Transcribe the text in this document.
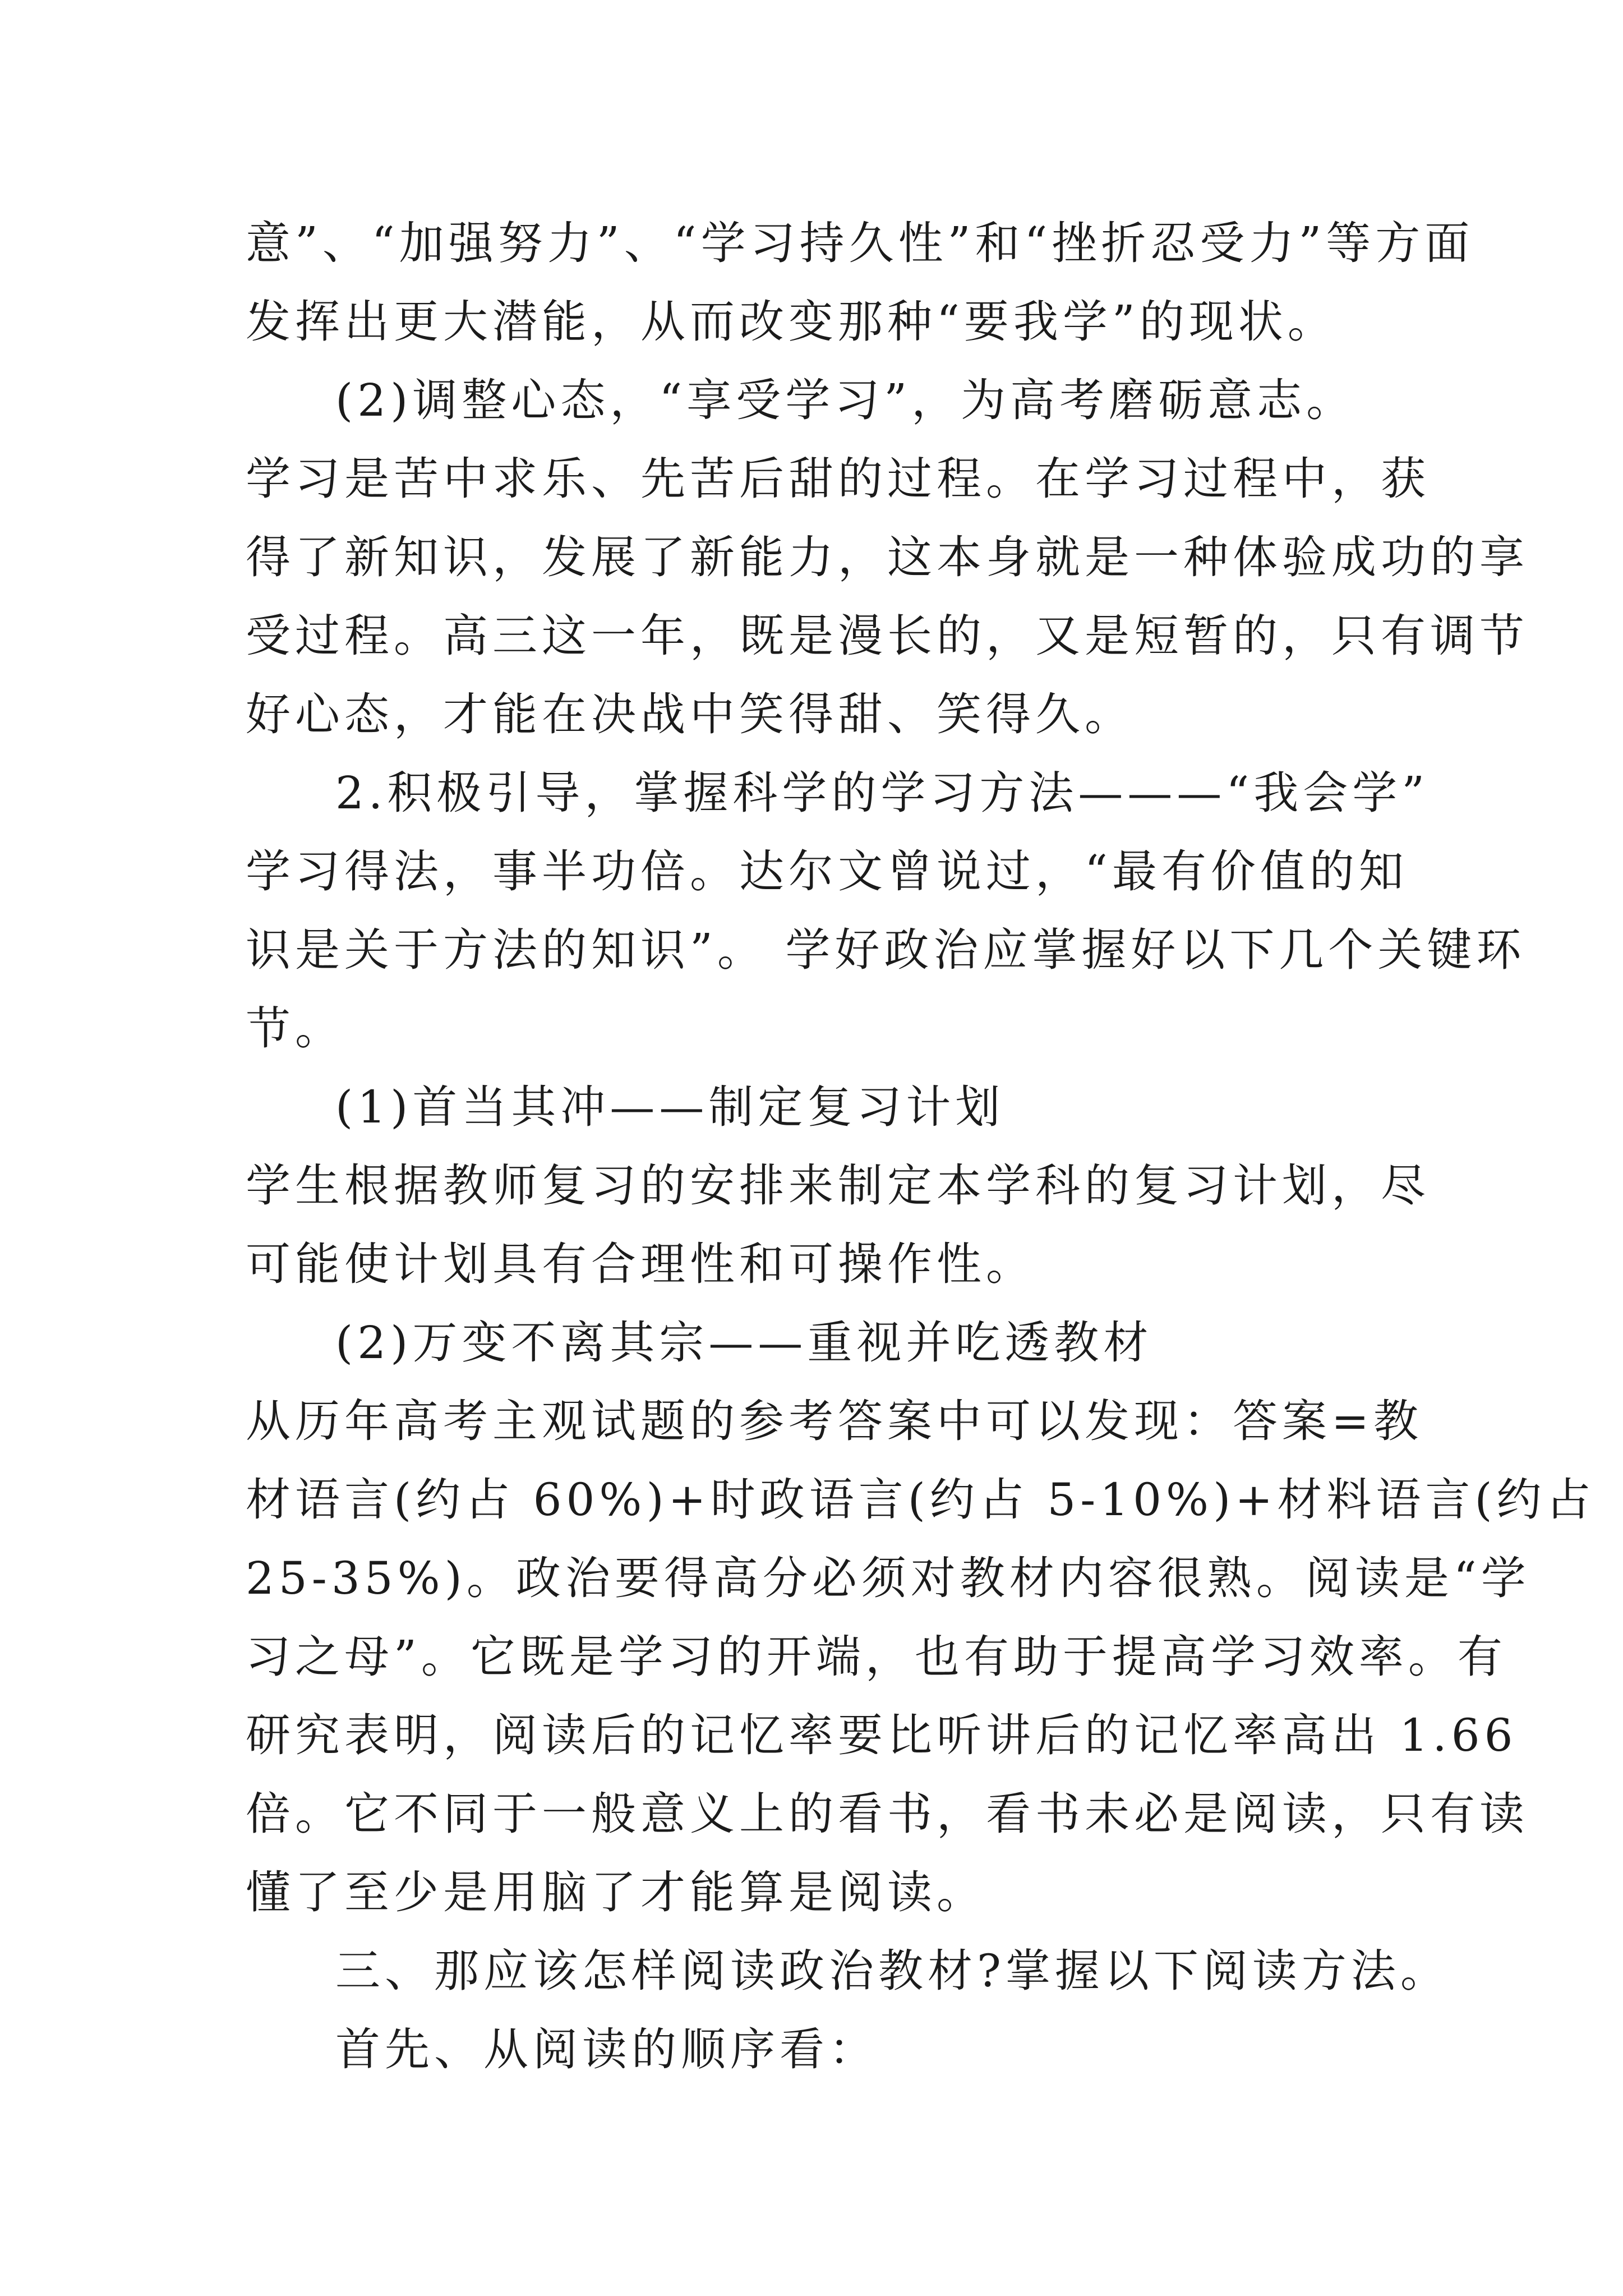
意”、“加强努力”、“学习持久性”和“挫折忍受力”等方面
发挥出更大潜能，从而改变那种“要我学”的现状。

(2)调整心态，“享受学习”，为高考磨砺意志。

学习是苦中求乐、先苦后甜的过程。在学习过程中，获
得了新知识，发展了新能力，这本身就是一种体验成功的享
受过程。高三这一年，既是漫长的，又是短暂的，只有调节
好心态，才能在决战中笑得甜、笑得久。

2.积极引导，掌握科学的学习方法———“我会学”

学习得法，事半功倍。达尔文曾说过，“最有价值的知
识是关于方法的知识”。 学好政治应掌握好以下几个关键环
节。

(1)首当其冲——制定复习计划

学生根据教师复习的安排来制定本学科的复习计划，尽
可能使计划具有合理性和可操作性。

(2)万变不离其宗——重视并吃透教材

从历年高考主观试题的参考答案中可以发现：答案=教
材语言(约占 60%)+时政语言(约占 5-10%)+材料语言(约占
25-35%)。政治要得高分必须对教材内容很熟。阅读是“学
习之母”。它既是学习的开端，也有助于提高学习效率。有
研究表明，阅读后的记忆率要比听讲后的记忆率高出 1.66
倍。它不同于一般意义上的看书，看书未必是阅读，只有读
懂了至少是用脑了才能算是阅读。

三、那应该怎样阅读政治教材?掌握以下阅读方法。

首先、从阅读的顺序看：
